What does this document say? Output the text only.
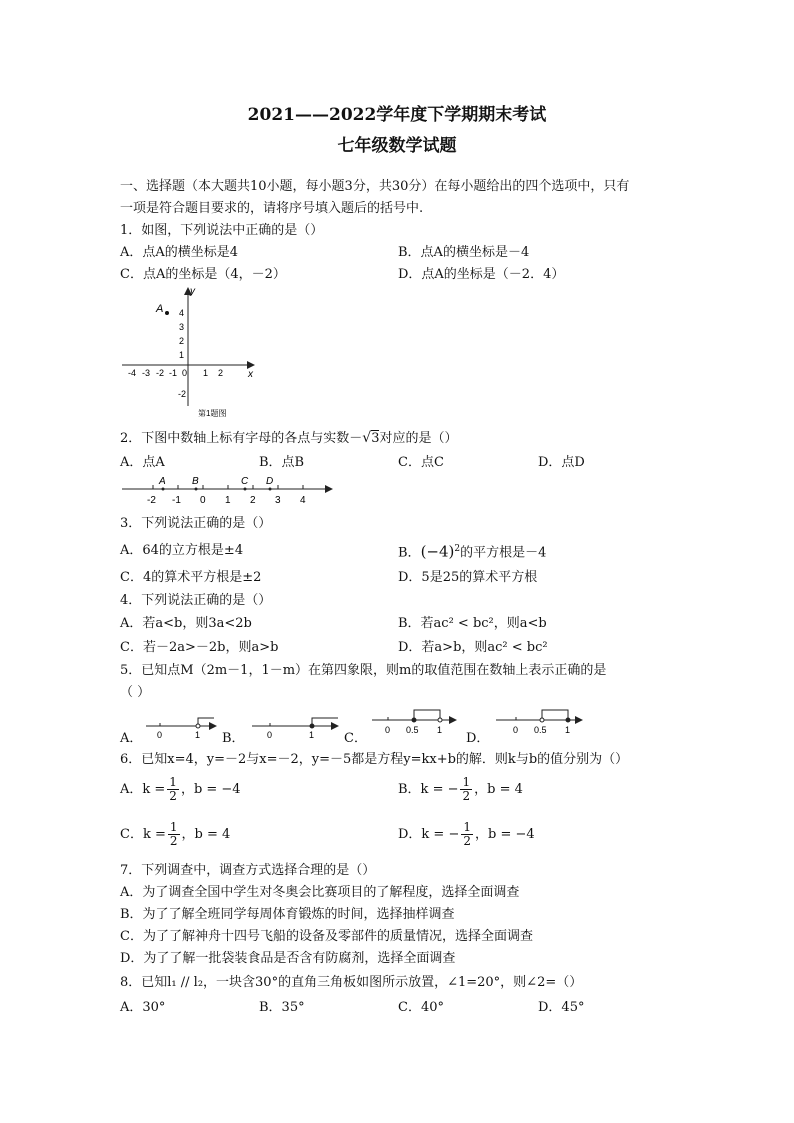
2021——2022学年度下学期期末考试
七年级数学试题
一、选择题（本大题共10小题，每小题3分，共30分）在每小题给出的四个选项中，只有
一项是符合题目要求的，请将序号填入题后的括号中.
1．如图，下列说法中正确的是（）
A．点A的横坐标是4	B．点A的横坐标是－4
C．点A的坐标是（4，－2）	D．点A的坐标是（－2．4）
y
x
A 4
3
2
1
-2
-4 -3 -2 -1 0 1 2
第1题图
2．下图中数轴上标有字母的各点与实数－√3对应的是（）
A．点A	B．点B	C．点C	D．点D
A	B	C D
-2 -1 0 1 2 3 4
3．下列说法正确的是（）
A．64的立方根是±4	B．$(-4)^2$的平方根是－4
C．4的算术平方根是±2	D．5是25的算术平方根
4．下列说法正确的是（）
A．若a<b，则3a<2b	B．若ac² < bc²，则a<b
C．若－2a>－2b，则a>b	D．若a>b，则ac² < bc²
5．已知点M（2m－1，1－m）在第四象限，则m的取值范围在数轴上表示正确的是
（ ）
A． 0	1 B． 0	1 C．
0 0.5 1
D．
0 0.5 1
6．已知x=4，y=－2与x=－2，y=－5都是方程y=kx+b的解．则k与b的值分别为（）
A．$k = \frac{1}{2}$ ，b = −4	B．k = − $\frac{1}{2}$ ，b = 4
C．$k = \frac{1}{2}$ ，b = 4	D．k = − $\frac{1}{2}$ ，b = −4
7．下列调查中，调查方式选择合理的是（）
A．为了调查全国中学生对冬奥会比赛项目的了解程度，选择全面调查
B．为了了解全班同学每周体育锻炼的时间，选择抽样调查
C．为了了解神舟十四号飞船的设备及零部件的质量情况，选择全面调查
D．为了了解一批袋装食品是否含有防腐剂，选择全面调查
8．已知l₁ // l₂，一块含30°的直角三角板如图所示放置，∠1=20°，则∠2=（）
A．30°	B．35°	C．40°	D．45°
